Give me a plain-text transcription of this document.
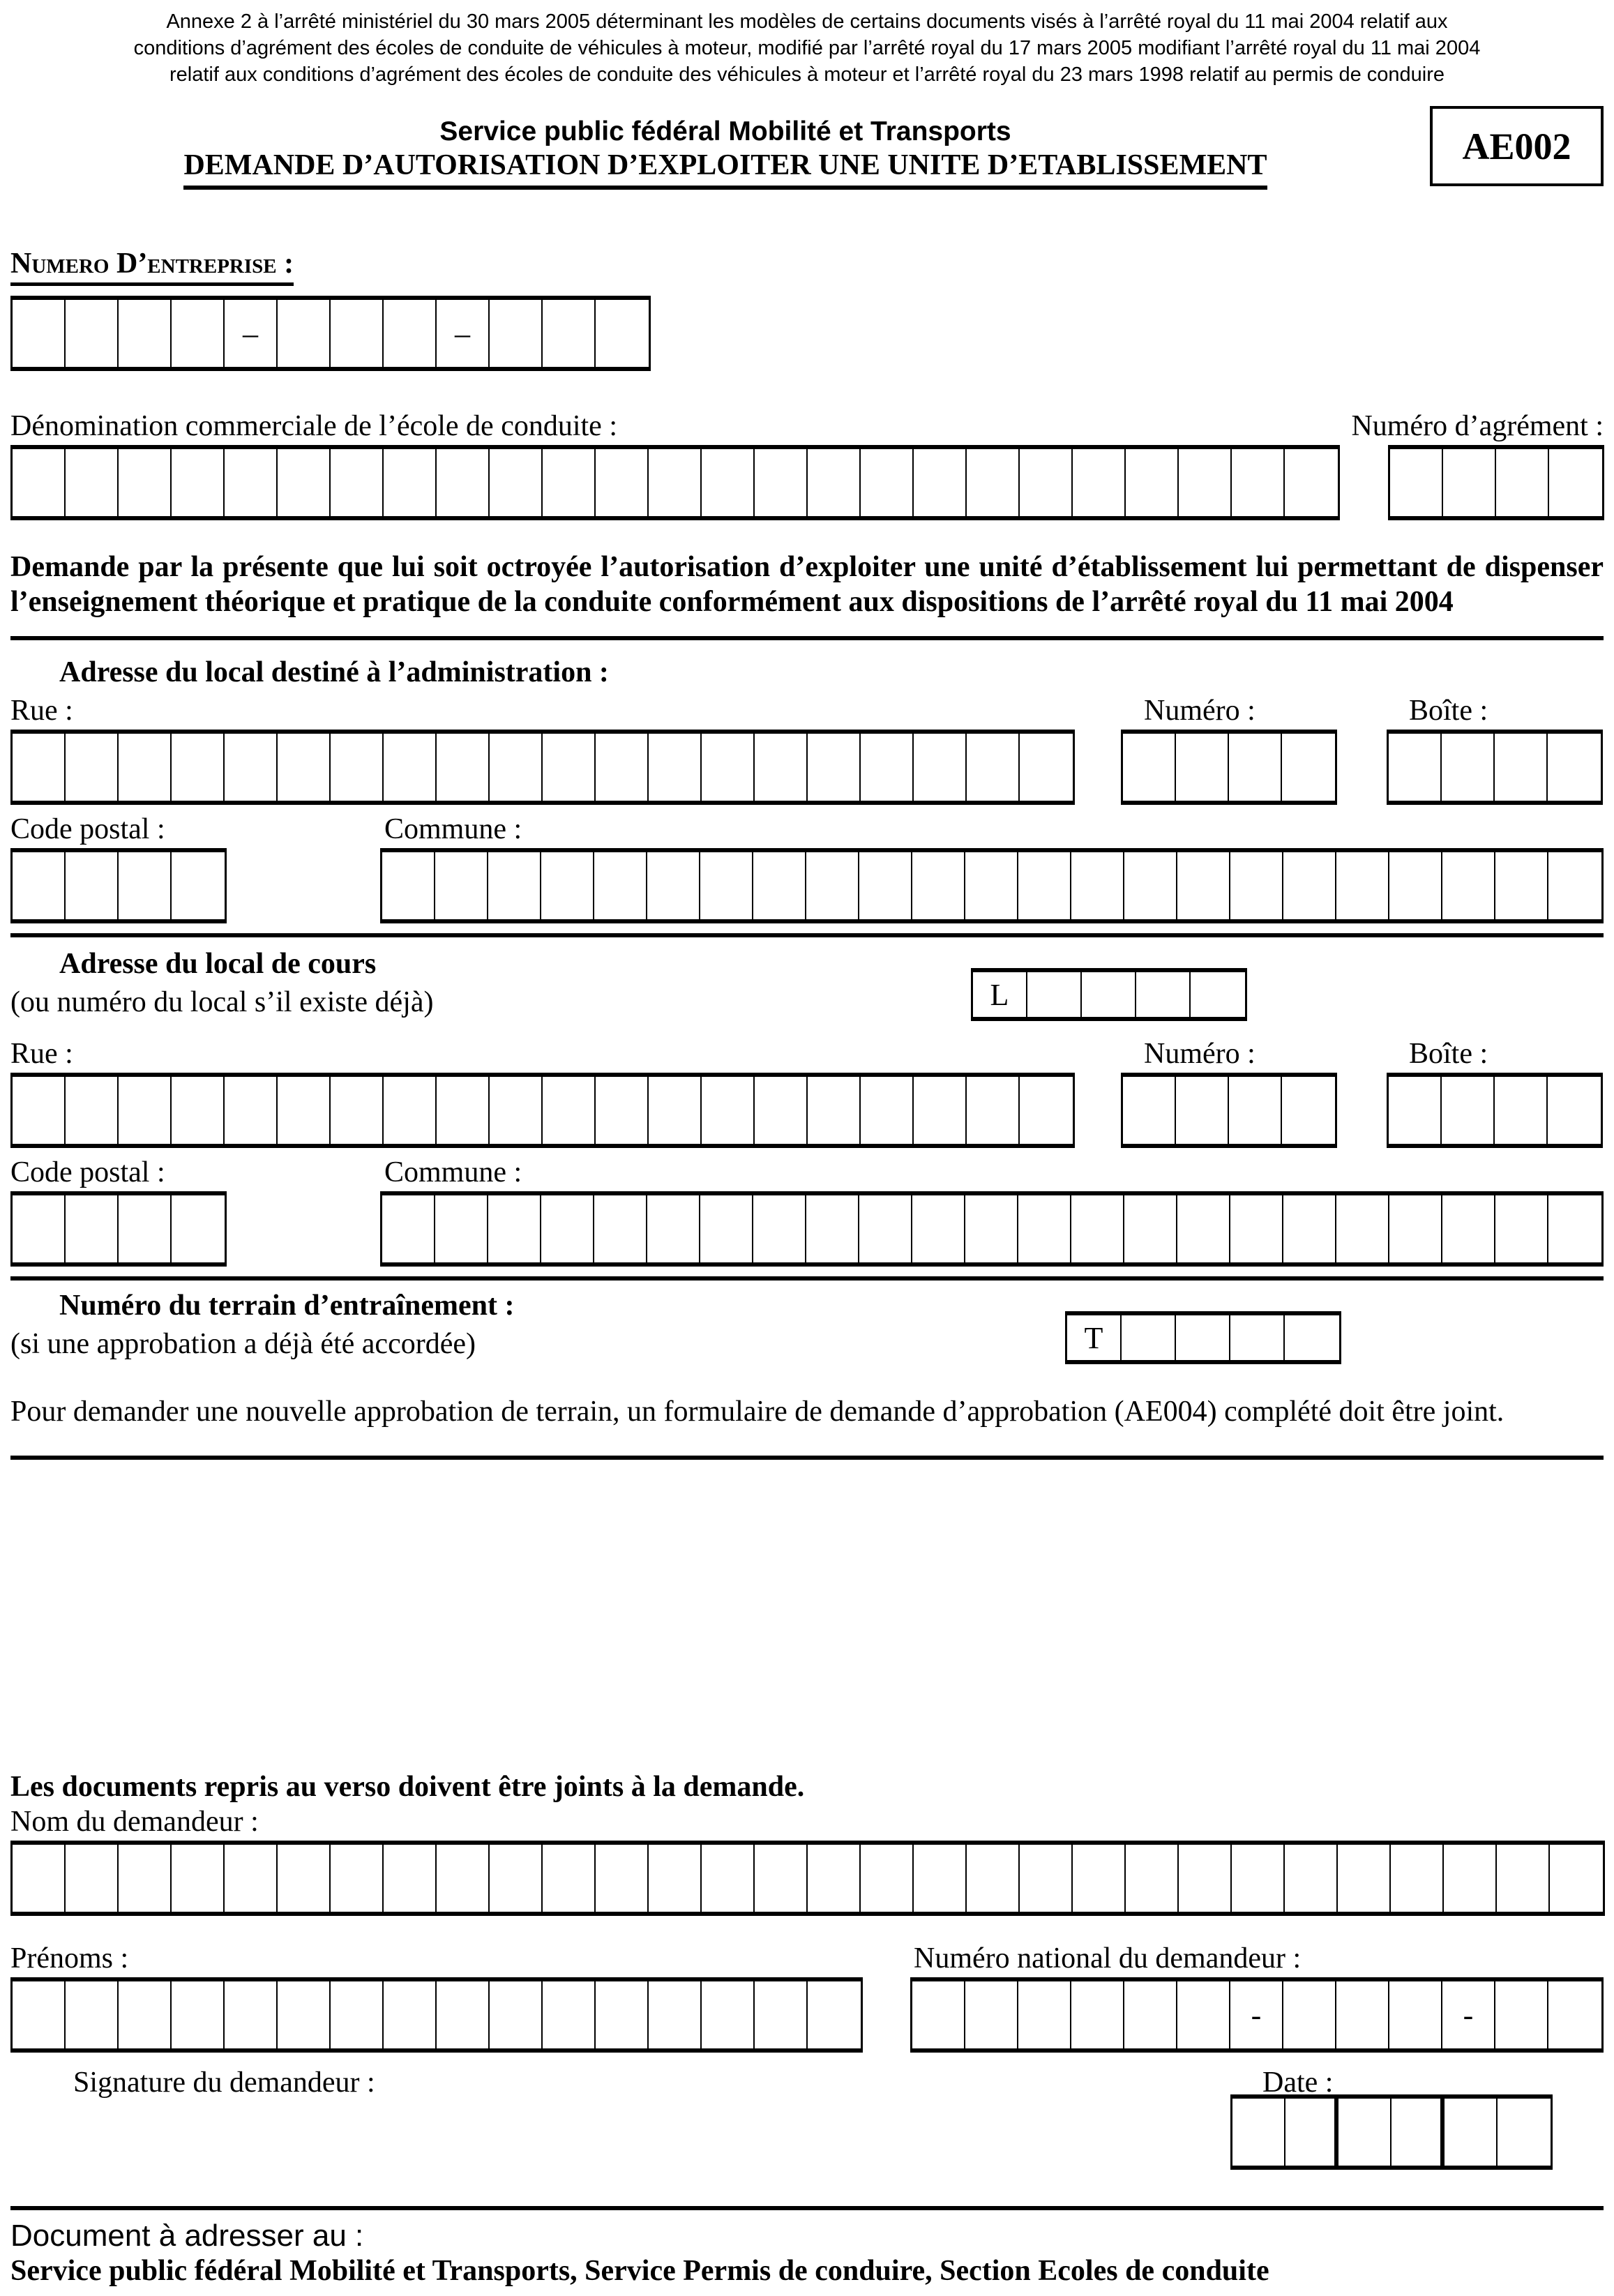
Annexe 2 à l’arrêté ministériel du 30 mars 2005 déterminant les modèles de certains documents visés à l’arrêté royal du 11 mai 2004 relatif aux
conditions d’agrément des écoles de conduite de véhicules à moteur, modifié par l’arrêté royal du 17 mars 2005 modifiant l’arrêté royal du 11 mai 2004
relatif aux conditions d’agrément des écoles de conduite des véhicules à moteur et l’arrêté royal du 23 mars 1998 relatif au permis de conduire
Service public fédéral Mobilité et Transports
DEMANDE D’AUTORISATION D’EXPLOITER UNE UNITE D’ETABLISSEMENT	AE002
Numero D’entreprise :
–	–
Dénomination commerciale de l’école de conduite :	Numéro d’agrément :
Demande par la présente que lui soit octroyée l’autorisation d’exploiter une unité d’établissement lui permettant de dispenser l’enseignement théorique et pratique de la conduite conformément aux dispositions de l’arrêté royal du 11 mai 2004
Adresse du local destiné à l’administration :
Rue :	Numéro :	Boîte :
Code postal :	Commune :
Adresse du local de cours
(ou numéro du local s’il existe déjà)	L
Rue :	Numéro :	Boîte :
Code postal :	Commune :
Numéro du terrain d’entraînement :
(si une approbation a déjà été accordée)	T
Pour demander une nouvelle approbation de terrain, un formulaire de demande d’approbation (AE004) complété doit être joint.
Les documents repris au verso doivent être joints à la demande.
Nom du demandeur :
Prénoms :	Numéro national du demandeur :
-	-
Signature du demandeur :	Date :
Document à adresser au :
Service public fédéral Mobilité et Transports, Service Permis de conduire, Section Ecoles de conduite
